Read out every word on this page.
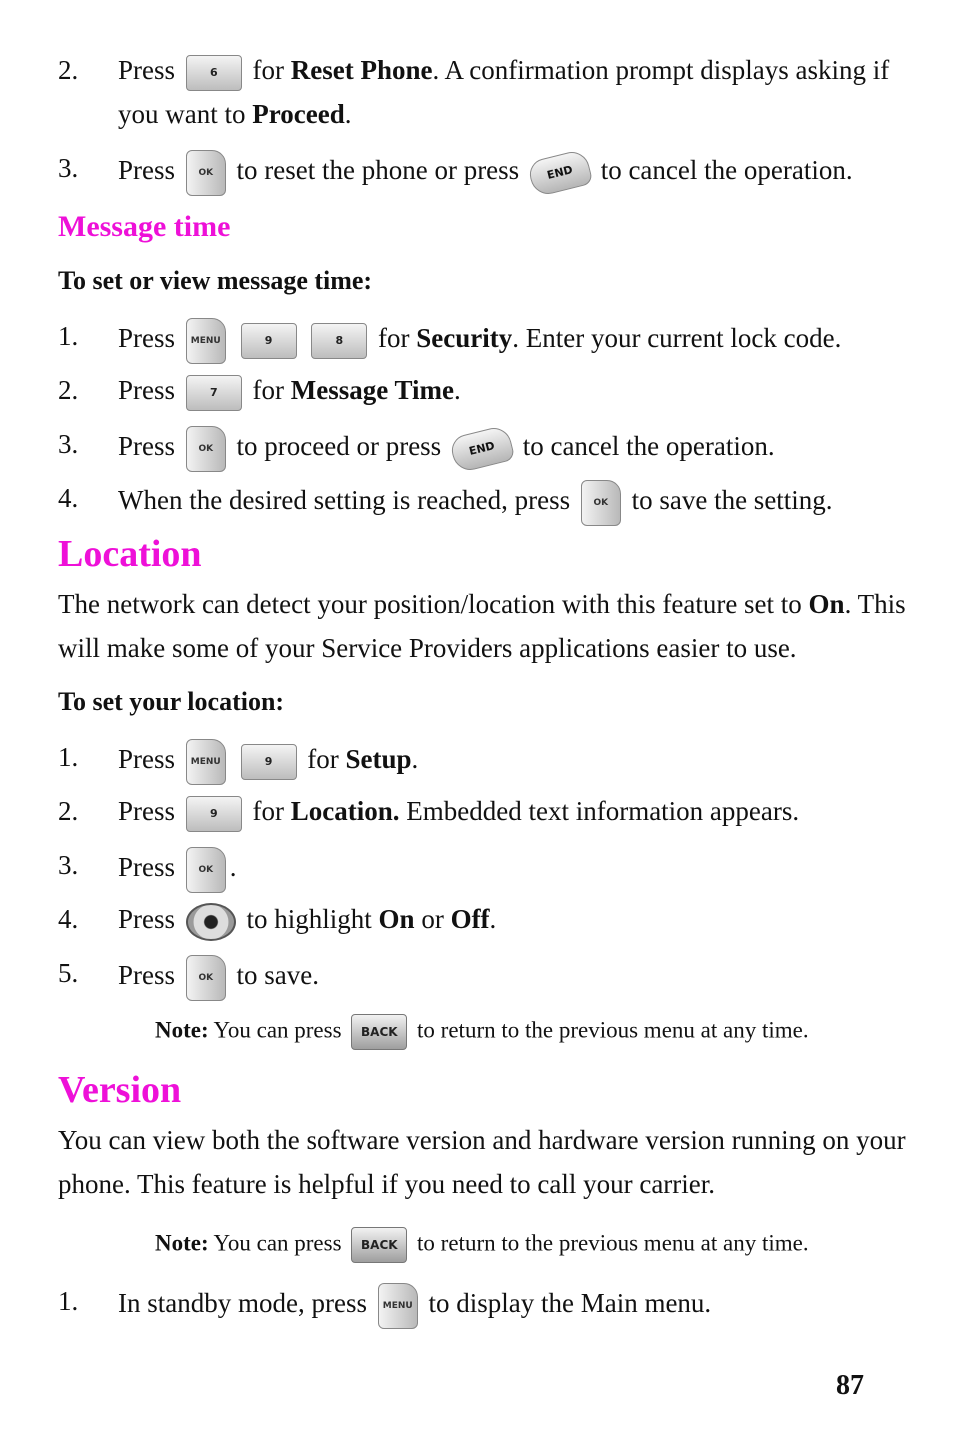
2. Press	6 for Reset Phone. A confirmation prompt displays asking if
you want to Proceed.
3. Press	OK to reset the phone or press END to cancel the operation.
Message time
To set or view message time:
1. Press MENU	9	8 for Security. Enter your current lock code.
2. Press	7 for Message Time.
3. Press	OK to proceed or press END to cancel the operation.
4. When the desired setting is reached, press	OK to save the setting.
Location
The network can detect your position/location with this feature set to On. This
will make some of your Service Providers applications easier to use.
To set your location:
1. Press MENU	9 for Setup.
2. Press	9 for Location. Embedded text information appears.
3. Press	OK .
4. Press	to highlight On or Off.
5. Press	OK to save.
Note: You can press BACK to return to the previous menu at any time.
Version
You can view both the software version and hardware version running on your
phone. This feature is helpful if you need to call your carrier.
Note: You can press BACK to return to the previous menu at any time.
1. In standby mode, press MENU to display the Main menu.
87
